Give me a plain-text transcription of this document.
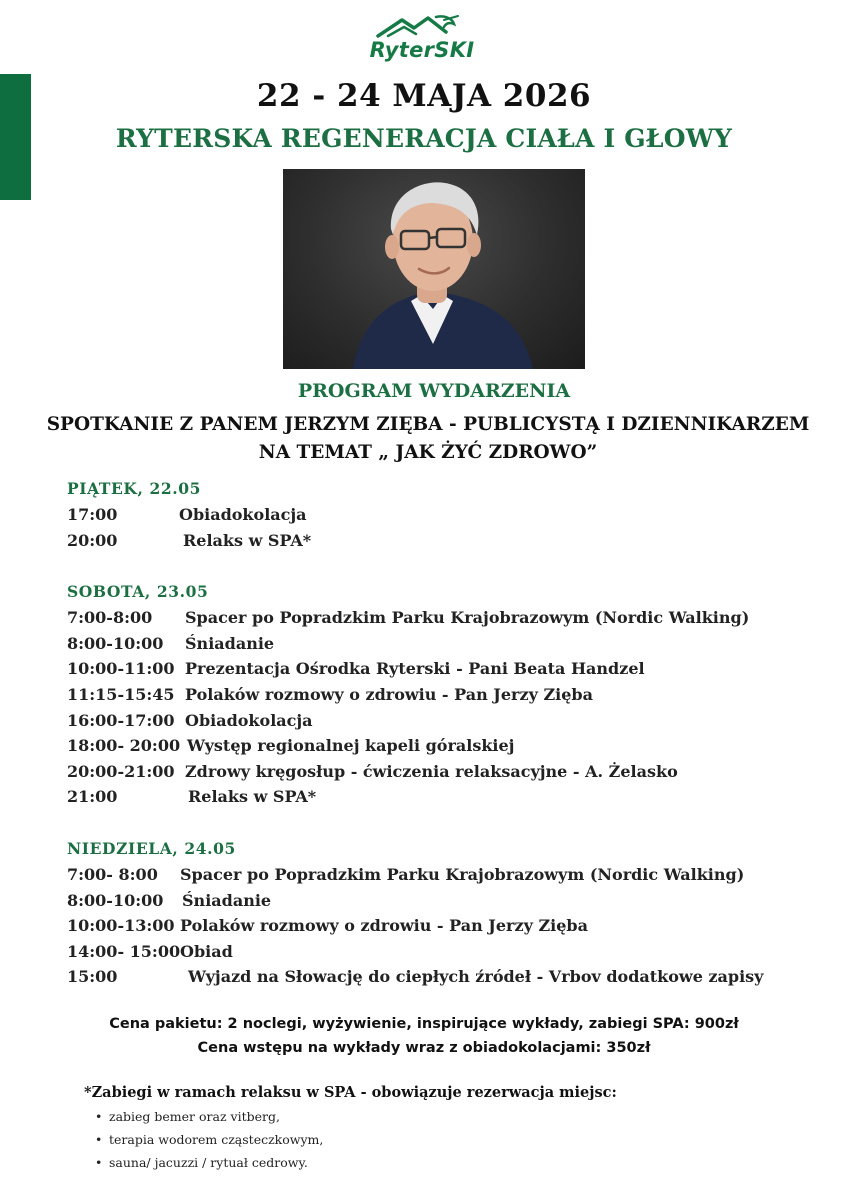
RyterSKI
22 - 24 MAJA 2026
RYTERSKA REGENERACJA CIAŁA I GŁOWY
PROGRAM WYDARZENIA
SPOTKANIE Z PANEM JERZYM ZIĘBA - PUBLICYSTĄ I DZIENNIKARZEM
NA TEMAT „ JAK ŻYĆ ZDROWO”
PIĄTEK, 22.05
17:00	Obiadokolacja
20:00	Relaks w SPA*
SOBOTA, 23.05
7:00-8:00 Spacer po Popradzkim Parku Krajobrazowym (Nordic Walking)
8:00-10:00 Śniadanie
10:00-11:00 Prezentacja Ośrodka Ryterski - Pani Beata Handzel
11:15-15:45 Polaków rozmowy o zdrowiu - Pan Jerzy Zięba
16:00-17:00 Obiadokolacja
18:00- 20:00 Występ regionalnej kapeli góralskiej
20:00-21:00 Zdrowy kręgosłup - ćwiczenia relaksacyjne - A. Żelasko
21:00	Relaks w SPA*
NIEDZIELA, 24.05
7:00- 8:00 Spacer po Popradzkim Parku Krajobrazowym (Nordic Walking)
8:00-10:00 Śniadanie
10:00-13:00 Polaków rozmowy o zdrowiu - Pan Jerzy Zięba
14:00- 15:00 Obiad
15:00	Wyjazd na Słowację do ciepłych źródeł - Vrbov dodatkowe zapisy
Cena pakietu: 2 noclegi, wyżywienie, inspirujące wykłady, zabiegi SPA: 900zł
Cena wstępu na wykłady wraz z obiadokolacjami: 350zł
*Zabiegi w ramach relaksu w SPA - obowiązuje rezerwacja miejsc:
• zabieg bemer oraz vitberg,
• terapia wodorem cząsteczkowym,
• sauna/ jacuzzi / rytuał cedrowy.
